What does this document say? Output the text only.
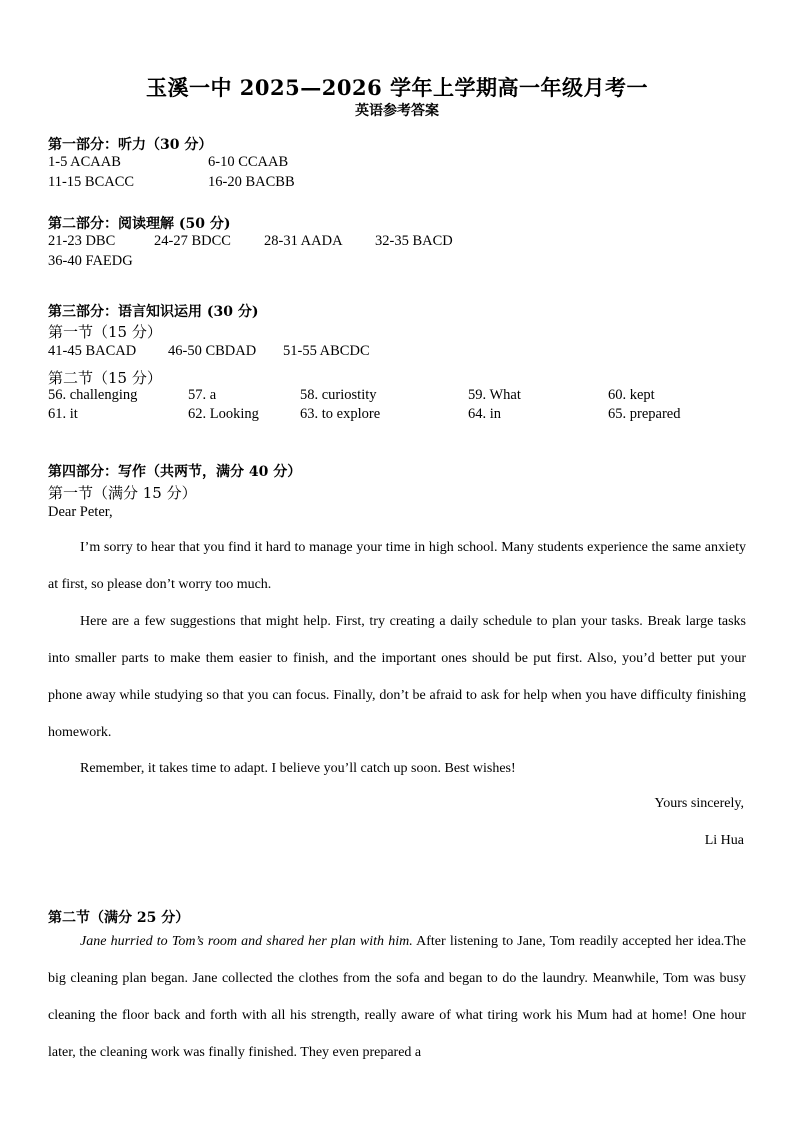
玉溪一中 2025—2026 学年上学期高一年级月考一
英语参考答案
第一部分：听力（30 分）
1-5 ACAAB	6-10 CCAAB
11-15 BCACC	16-20 BACBB
第二部分：阅读理解 (50 分)
21-23 DBC	24-27 BDCC 28-31 AADA 32-35 BACD
36-40 FAEDG
第三部分：语言知识运用 (30 分)
第一节（15 分）
41-45 BACAD 46-50 CBDAD 51-55 ABCDC
第二节（15 分）
56. challenging	57. a	58. curiostity	59. What	60. kept
61. it	62. Looking	63. to explore	64. in	65. prepared
第四部分：写作（共两节，满分 40 分）
第一节（满分 15 分）
Dear Peter,
I’m sorry to hear that you find it hard to manage your time in high school. Many students experience the same anxiety at first, so please don’t worry too much.
Here are a few suggestions that might help. First, try creating a daily schedule to plan your tasks. Break large tasks into smaller parts to make them easier to finish, and the important ones should be put first. Also, you’d better put your phone away while studying so that you can focus. Finally, don’t be afraid to ask for help when you have difficulty finishing homework.
Remember, it takes time to adapt. I believe you’ll catch up soon. Best wishes!
Yours sincerely,
Li Hua
第二节（满分 25 分）
Jane hurried to Tom’s room and shared her plan with him. After listening to Jane, Tom readily accepted her idea.The big cleaning plan began. Jane collected the clothes from the sofa and began to do the laundry. Meanwhile, Tom was busy cleaning the floor back and forth with all his strength, really aware of what tiring work his Mum had at home! One hour later, the cleaning work was finally finished. They even prepared a
